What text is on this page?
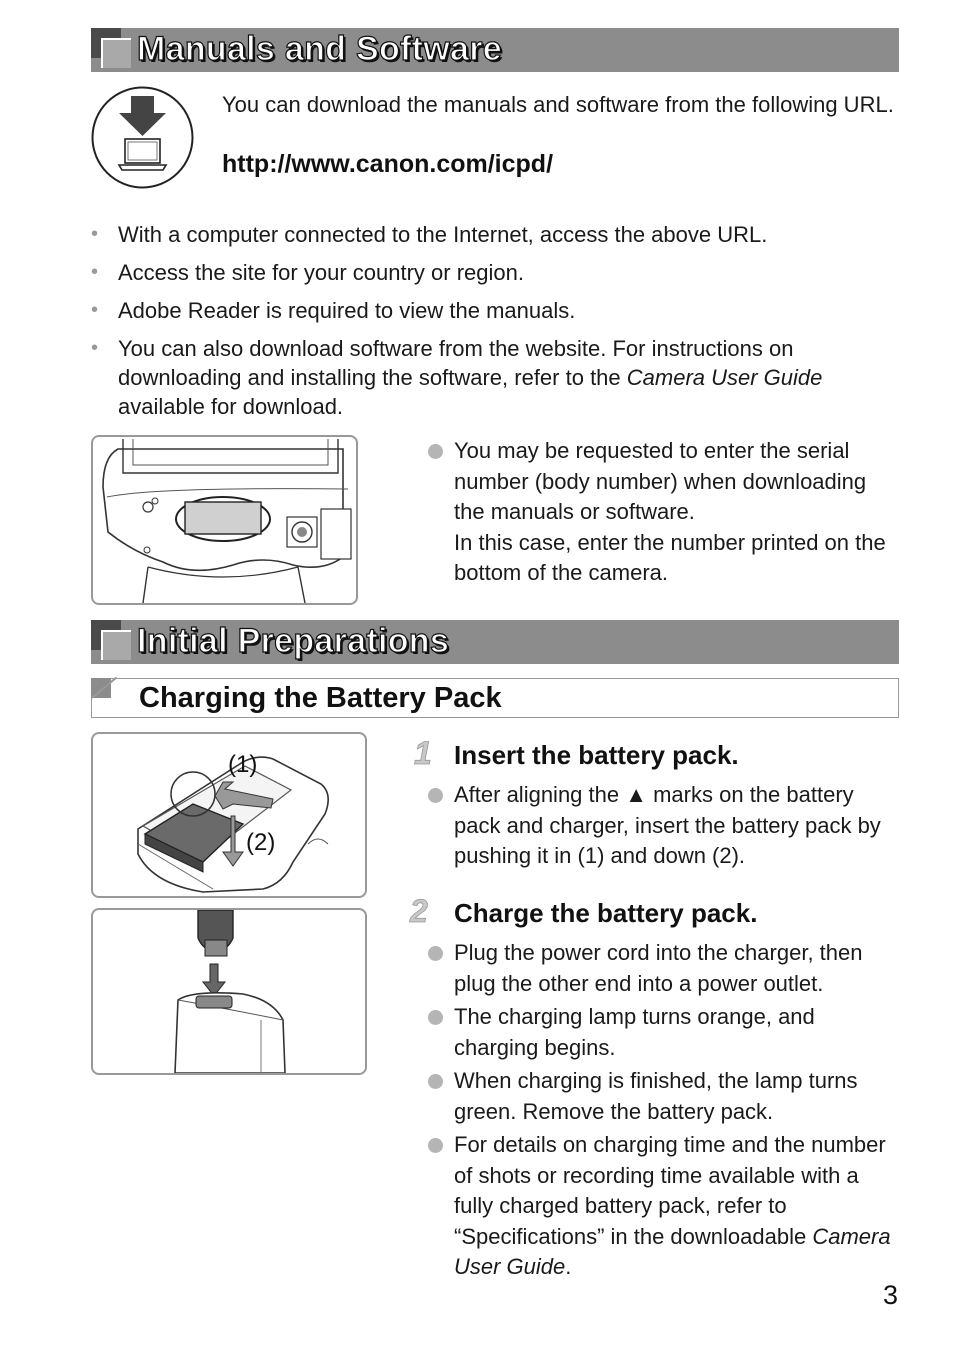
Manuals and Software
You can download the manuals and software from the following URL.
http://www.canon.com/icpd/
• With a computer connected to the Internet, access the above URL.
• Access the site for your country or region.
• Adobe Reader is required to view the manuals.
• You can also download software from the website. For instructions on downloading and installing the software, refer to the Camera User Guide available for download.
You may be requested to enter the serial number (body number) when downloading the manuals or software.
In this case, enter the number printed on the bottom of the camera.
Initial Preparations
Charging the Battery Pack
(1)
(2)
1 Insert the battery pack.
After aligning the ▲ marks on the battery pack and charger, insert the battery pack by pushing it in (1) and down (2).
2 Charge the battery pack.
Plug the power cord into the charger, then plug the other end into a power outlet.
The charging lamp turns orange, and charging begins.
When charging is finished, the lamp turns green. Remove the battery pack.
For details on charging time and the number of shots or recording time available with a fully charged battery pack, refer to “Specifications” in the downloadable Camera User Guide.
3
